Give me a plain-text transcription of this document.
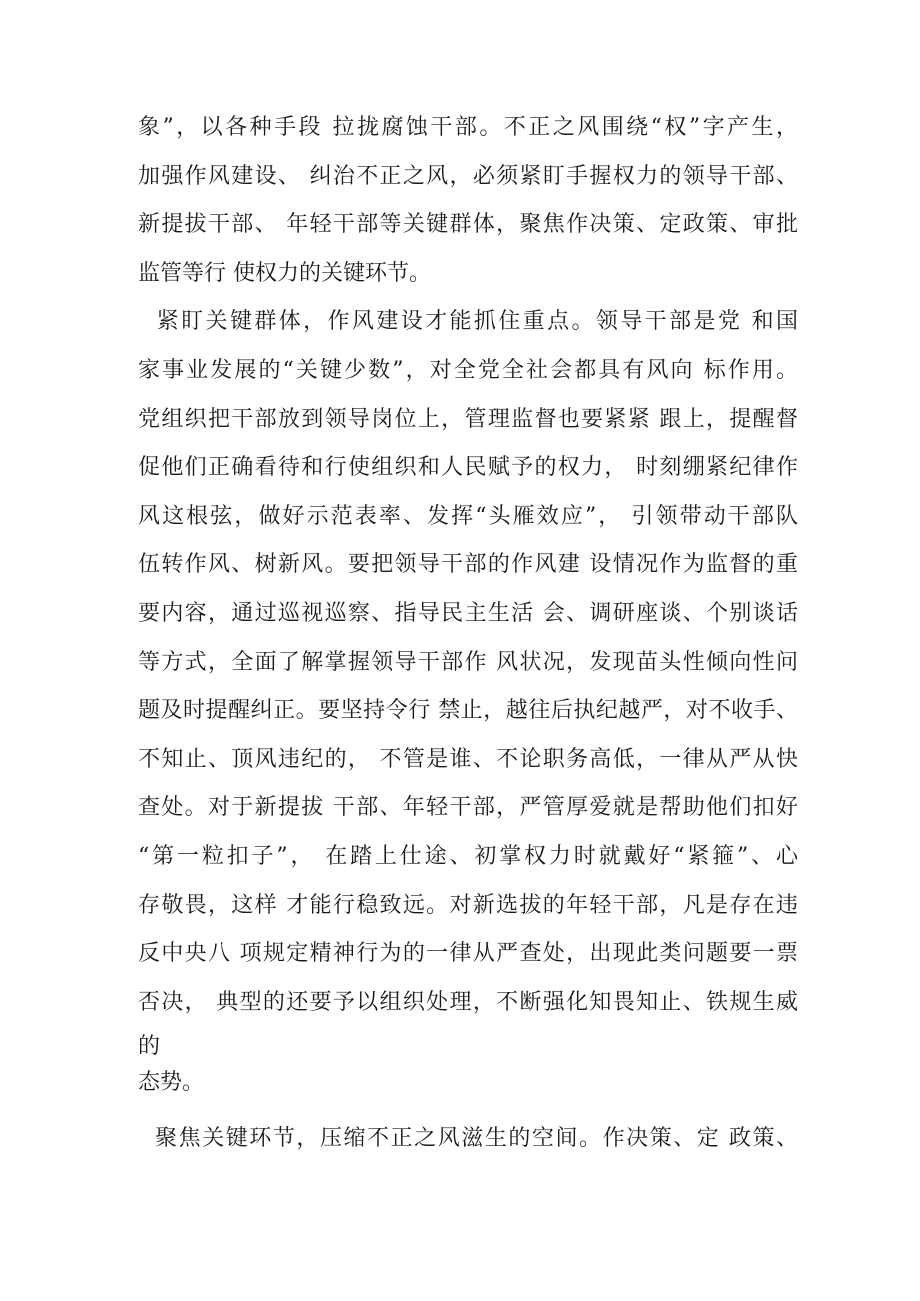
象”，以各种手段 拉拢腐蚀干部。不正之风围绕“权”字产生，
加强作风建设、 纠治不正之风，必须紧盯手握权力的领导干部、
新提拔干部、 年轻干部等关键群体，聚焦作决策、定政策、审批
监管等行 使权力的关键环节。
紧盯关键群体，作风建设才能抓住重点。领导干部是党 和国
家事业发展的“关键少数”，对全党全社会都具有风向 标作用。
党组织把干部放到领导岗位上，管理监督也要紧紧 跟上，提醒督
促他们正确看待和行使组织和人民赋予的权力， 时刻绷紧纪律作
风这根弦，做好示范表率、发挥“头雁效应”， 引领带动干部队
伍转作风、树新风。要把领导干部的作风建 设情况作为监督的重
要内容，通过巡视巡察、指导民主生活 会、调研座谈、个别谈话
等方式，全面了解掌握领导干部作 风状况，发现苗头性倾向性问
题及时提醒纠正。要坚持令行 禁止，越往后执纪越严，对不收手、
不知止、顶风违纪的， 不管是谁、不论职务高低，一律从严从快
查处。对于新提拔 干部、年轻干部，严管厚爱就是帮助他们扣好
“第一粒扣子”， 在踏上仕途、初掌权力时就戴好“紧箍”、心
存敬畏，这样 才能行稳致远。对新选拔的年轻干部，凡是存在违
反中央八 项规定精神行为的一律从严查处，出现此类问题要一票
否决， 典型的还要予以组织处理，不断强化知畏知止、铁规生威
的
态势。
聚焦关键环节，压缩不正之风滋生的空间。作决策、定 政策、
